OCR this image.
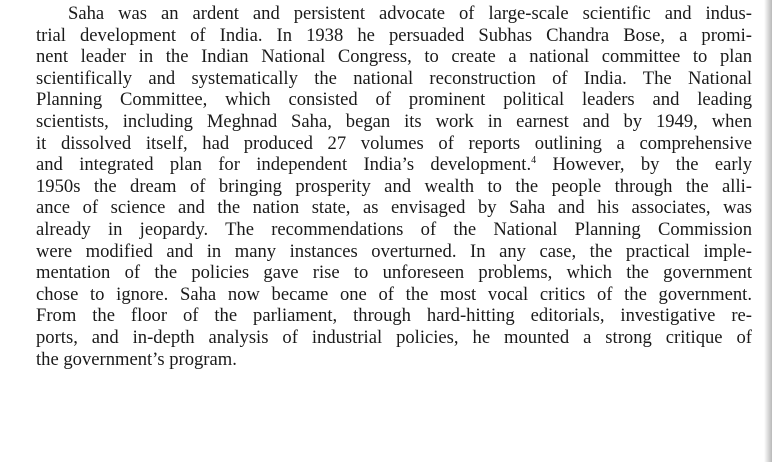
Saha was an ardent and persistent advocate of large-scale scientific and indus-
trial development of India. In 1938 he persuaded Subhas Chandra Bose, a promi-
nent leader in the Indian National Congress, to create a national committee to plan
scientifically and systematically the national reconstruction of India. The National
Planning Committee, which consisted of prominent political leaders and leading
scientists, including Meghnad Saha, began its work in earnest and by 1949, when
it dissolved itself, had produced 27 volumes of reports outlining a comprehensive
and integrated plan for independent India’s development.$^4$ However, by the early
1950s the dream of bringing prosperity and wealth to the people through the alli-
ance of science and the nation state, as envisaged by Saha and his associates, was
already in jeopardy. The recommendations of the National Planning Commission
were modified and in many instances overturned. In any case, the practical imple-
mentation of the policies gave rise to unforeseen problems, which the government
chose to ignore. Saha now became one of the most vocal critics of the government.
From the floor of the parliament, through hard-hitting editorials, investigative re-
ports, and in-depth analysis of industrial policies, he mounted a strong critique of
the government’s program.
